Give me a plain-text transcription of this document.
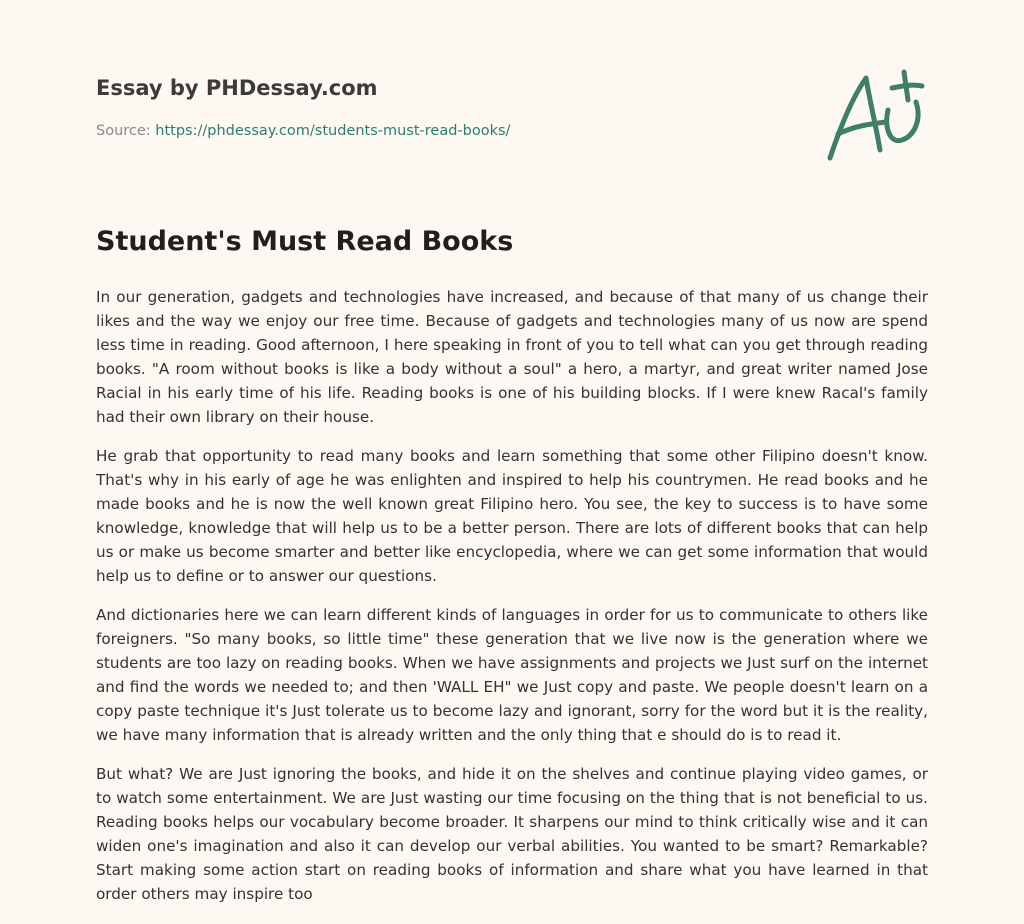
Essay by PHDessay.com
Source: https://phdessay.com/students-must-read-books/
Student's Must Read Books

In our generation, gadgets and technologies have increased, and because of that many of us change their likes and the way we enjoy our free time. Because of gadgets and technologies many of us now are spend less time in reading. Good afternoon, I here speaking in front of you to tell what can you get through reading books. "A room without books is like a body without a soul" a hero, a martyr, and great writer named Jose Racial in his early time of his life. Reading books is one of his building blocks. If I were knew Racal's family had their own library on their house.

He grab that opportunity to read many books and learn something that some other Filipino doesn't know. That's why in his early of age he was enlighten and inspired to help his countrymen. He read books and he made books and he is now the well known great Filipino hero. You see, the key to success is to have some knowledge, knowledge that will help us to be a better person. There are lots of different books that can help us or make us become smarter and better like encyclopedia, where we can get some information that would help us to define or to answer our questions.

And dictionaries here we can learn different kinds of languages in order for us to communicate to others like foreigners. "So many books, so little time" these generation that we live now is the generation where we students are too lazy on reading books. When we have assignments and projects we Just surf on the internet and find the words we needed to; and then 'WALL EH" we Just copy and paste. We people doesn't learn on a copy paste technique it's Just tolerate us to become lazy and ignorant, sorry for the word but it is the reality, we have many information that is already written and the only thing that e should do is to read it.

But what? We are Just ignoring the books, and hide it on the shelves and continue playing video games, or to watch some entertainment. We are Just wasting our time focusing on the thing that is not beneficial to us. Reading books helps our vocabulary become broader. It sharpens our mind to think critically wise and it can widen one's imagination and also it can develop our verbal abilities. You wanted to be smart? Remarkable? Start making some action start on reading books of information and share what you have learned in that order others may inspire too
